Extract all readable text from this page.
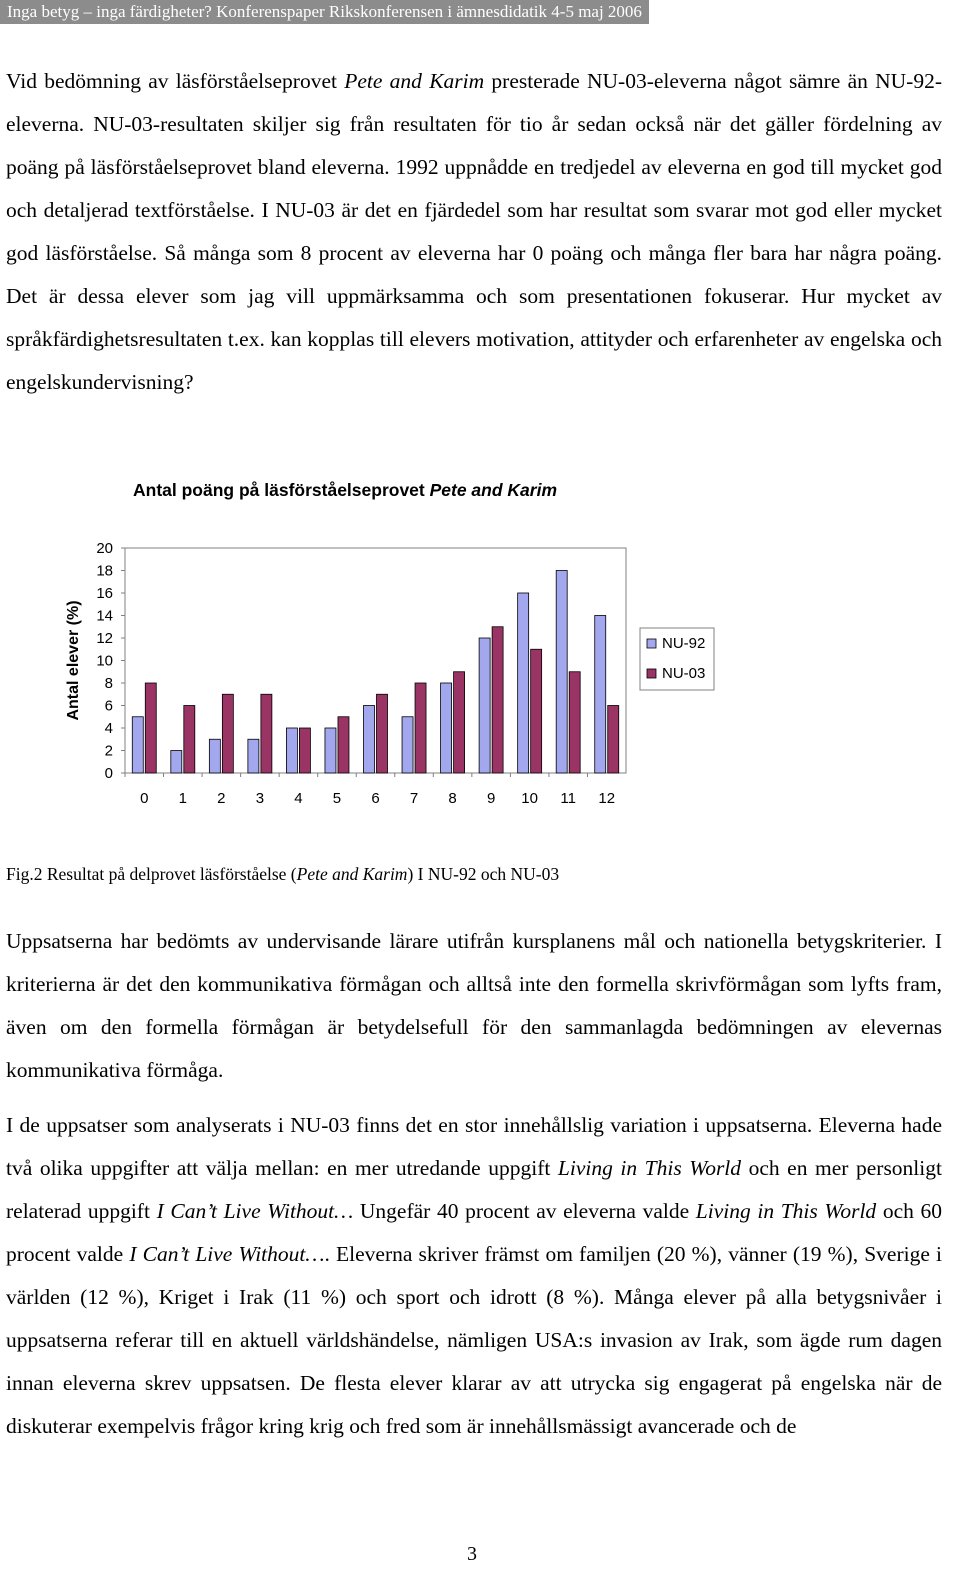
Inga betyg – inga färdigheter? Konferenspaper Rikskonferensen i ämnesdidatik 4-5 maj 2006

Vid bedömning av läsförståelseprovet Pete and Karim presterade NU-03-eleverna något sämre än NU-92-eleverna. NU-03-resultaten skiljer sig från resultaten för tio år sedan också när det gäller fördelning av poäng på läsförståelseprovet bland eleverna. 1992 uppnådde en tredjedel av eleverna en god till mycket god och detaljerad textförståelse. I NU-03 är det en fjärdedel som har resultat som svarar mot god eller mycket god läsförståelse. Så många som 8 procent av eleverna har 0 poäng och många fler bara har några poäng. Det är dessa elever som jag vill uppmärksamma och som presentationen fokuserar. Hur mycket av språkfärdighetsresultaten t.ex. kan kopplas till elevers motivation, attityder och erfarenheter av engelska och engelskundervisning?

Antal poäng på läsförståelseprovet Pete and Karim
0
2
4
6
8
10
12
14
16
18
20
Antal elever (%)
0 1 2 3 4 5 6 7 8 9 10 11 12
NU-92
NU-03
Fig.2 Resultat på delprovet läsförståelse (Pete and Karim) I NU-92 och NU-03

Uppsatserna har bedömts av undervisande lärare utifrån kursplanens mål och nationella betygskriterier. I kriterierna är det den kommunikativa förmågan och alltså inte den formella skrivförmågan som lyfts fram, även om den formella förmågan är betydelsefull för den sammanlagda bedömningen av elevernas kommunikativa förmåga.

I de uppsatser som analyserats i NU-03 finns det en stor innehållslig variation i uppsatserna. Eleverna hade två olika uppgifter att välja mellan: en mer utredande uppgift Living in This World och en mer personligt relaterad uppgift I Can’t Live Without… Ungefär 40 procent av eleverna valde Living in This World och 60 procent valde I Can’t Live Without…. Eleverna skriver främst om familjen (20 %), vänner (19 %), Sverige i världen (12 %), Kriget i Irak (11 %) och sport och idrott (8 %). Många elever på alla betygsnivåer i uppsatserna referar till en aktuell världshändelse, nämligen USA:s invasion av Irak, som ägde rum dagen innan eleverna skrev uppsatsen. De flesta elever klarar av att utrycka sig engagerat på engelska när de diskuterar exempelvis frågor kring krig och fred som är innehållsmässigt avancerade och de

3
